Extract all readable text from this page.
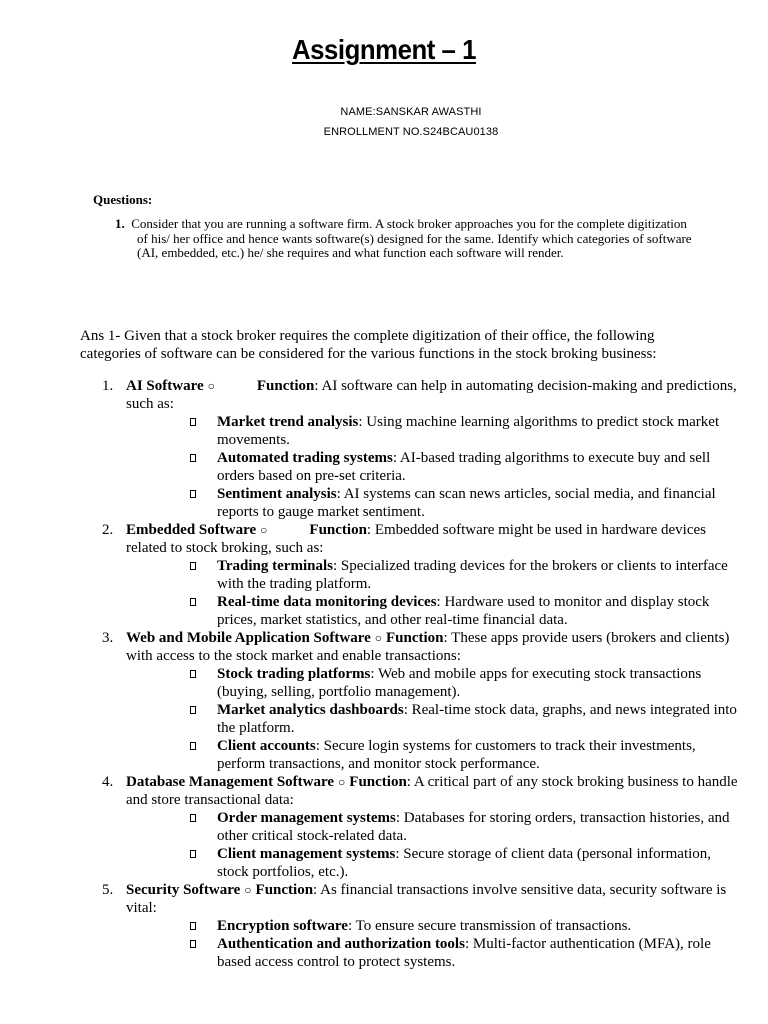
Assignment – 1
NAME:SANSKAR AWASTHI
ENROLLMENT NO.S24BCAU0138
Questions:

1. Consider that you are running a software firm. A stock broker approaches you for the complete digitization of his/ her office and hence wants software(s) designed for the same. Identify which categories of software (AI, embedded, etc.) he/ she requires and what function each software will render.

Ans 1- Given that a stock broker requires the complete digitization of their office, the following categories of software can be considered for the various functions in the stock broking business:

1. AI Software ○	Function: AI software can help in automating decision-making and predictions, such as:

Market trend analysis: Using machine learning algorithms to predict stock market movements.

Automated trading systems: AI-based trading algorithms to execute buy and sell orders based on pre-set criteria.

Sentiment analysis: AI systems can scan news articles, social media, and financial reports to gauge market sentiment.

2. Embedded Software ○	Function: Embedded software might be used in hardware devices related to stock broking, such as:

Trading terminals: Specialized trading devices for the brokers or clients to interface with the trading platform.

Real-time data monitoring devices: Hardware used to monitor and display stock prices, market statistics, and other real-time financial data.

3. Web and Mobile Application Software ○ Function: These apps provide users (brokers and clients) with access to the stock market and enable transactions:

Stock trading platforms: Web and mobile apps for executing stock transactions (buying, selling, portfolio management).

Market analytics dashboards: Real-time stock data, graphs, and news integrated into the platform.

Client accounts: Secure login systems for customers to track their investments, perform transactions, and monitor stock performance.

4. Database Management Software ○ Function: A critical part of any stock broking business to handle and store transactional data:

Order management systems: Databases for storing orders, transaction histories, and other critical stock-related data.

Client management systems: Secure storage of client data (personal information, stock portfolios, etc.).

5. Security Software ○ Function: As financial transactions involve sensitive data, security software is vital:

Encryption software: To ensure secure transmission of transactions.

Authentication and authorization tools: Multi-factor authentication (MFA), role based access control to protect systems.
